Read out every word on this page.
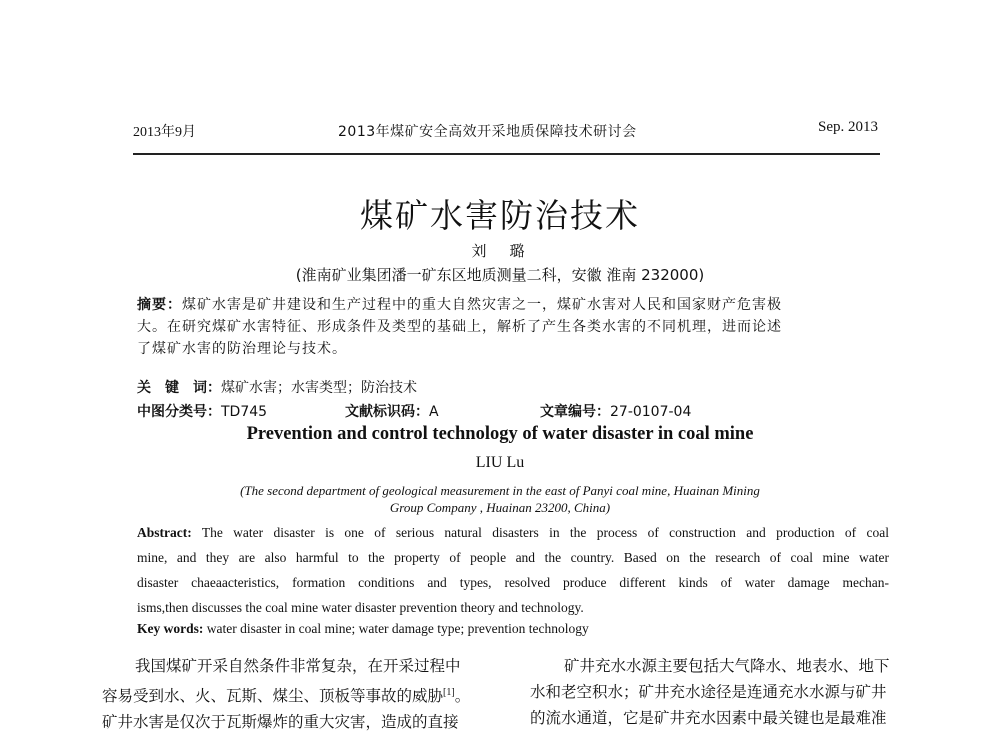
2013年9月	2013年煤矿安全高效开采地质保障技术研讨会	Sep. 2013
煤矿水害防治技术
刘　璐
(淮南矿业集团潘一矿东区地质测量二科，安徽 淮南 232000)
摘要：煤矿水害是矿井建设和生产过程中的重大自然灾害之一，煤矿水害对人民和国家财产危害极
大。在研究煤矿水害特征、形成条件及类型的基础上，解析了产生各类水害的不同机理，进而论述
了煤矿水害的防治理论与技术。
关　键　词：煤矿水害；水害类型；防治技术
中图分类号：TD745	文献标识码：A	文章编号：27-0107-04
Prevention and control technology of water disaster in coal mine
LIU Lu
(The second department of geological measurement in the east of Panyi coal mine, Huainan Mining
Group Company , Huainan 23200, China)
Abstract: The water disaster is one of serious natural disasters in the process of construction and production of coal
mine, and they are also harmful to the property of people and the country. Based on the research of coal mine water
disaster chaeaacteristics, formation conditions and types, resolved produce different kinds of water damage mechan-
isms,then discusses the coal mine water disaster prevention theory and technology.
Key words: water disaster in coal mine; water damage type; prevention technology

我国煤矿开采自然条件非常复杂，在开采过程中

容易受到水、火、瓦斯、煤尘、顶板等事故的威胁[1]。

矿井水害是仅次于瓦斯爆炸的重大灾害，造成的直接

矿井充水水源主要包括大气降水、地表水、地下

水和老空积水；矿井充水途径是连通充水水源与矿井

的流水通道，它是矿井充水因素中最关键也是最难准
